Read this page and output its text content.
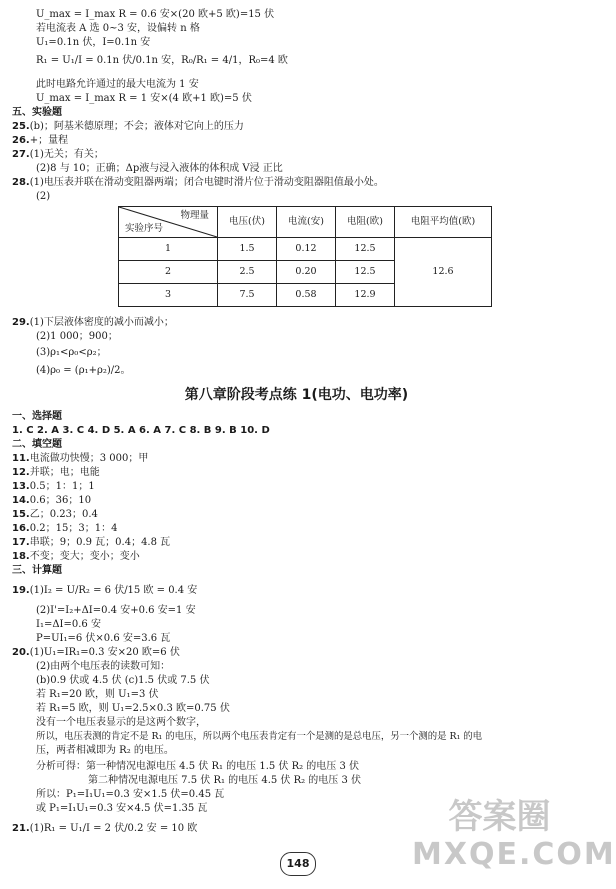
U_max = I_max R = 0.6 安×(20 欧+5 欧)=15 伏
若电流表 A 选 0~3 安，设偏转 n 格
U₁=0.1n 伏，I=0.1n 安
R₁ = U₁/I = 0.1n 伏/0.1n 安，R₀/R₁ = 4/1，R₀=4 欧
此时电路允许通过的最大电流为 1 安
U_max = I_max R = 1 安×(4 欧+1 欧)=5 伏
五、实验题
25.(b)；阿基米德原理；不会；液体对它向上的压力
26.+；量程
27.(1)无关；有关；
(2)8 与 10；正确；Δp液与浸入液体的体积成 V浸 正比
28.(1)电压表并联在滑动变阻器两端；闭合电键时滑片位于滑动变阻器阻值最小处。
(2)
物理量
实验序号	电压(伏)	电流(安)	电阻(欧)	电阻平均值(欧)
1	1.5	0.12	12.5	12.6
2	2.5	0.20	12.5	
3	7.5	0.58	12.9	
29.(1)下层液体密度的减小而减小；
(2)1 000；900；
(3)ρ₁<ρ₀<ρ₂；
(4)ρ₀ = (ρ₁+ρ₂)/2。
第八章阶段考点练 1(电功、电功率)
一、选择题
1. C 2. A 3. C 4. D 5. A 6. A 7. C 8. B 9. B 10. D
二、填空题
11.电流做功快慢；3 000；甲
12.并联；电；电能
13.0.5；1：1；1
14.0.6；36；10
15.乙；0.23；0.4
16.0.2；15；3；1：4
17.串联；9；0.9 瓦；0.4；4.8 瓦
18.不变；变大；变小；变小
三、计算题
19.(1)I₂ = U/R₂ = 6 伏/15 欧 = 0.4 安
(2)I'=I₂+ΔI=0.4 安+0.6 安=1 安
I₁=ΔI=0.6 安
P=UI₁=6 伏×0.6 安=3.6 瓦
20.(1)U₁=IR₁=0.3 安×20 欧=6 伏
(2)由两个电压表的读数可知：
(b)0.9 伏或 4.5 伏 (c)1.5 伏或 7.5 伏
若 R₁=20 欧，则 U₁=3 伏
若 R₁=5 欧，则 U₁=2.5×0.3 欧=0.75 伏
没有一个电压表显示的是这两个数字，
所以，电压表测的肯定不是 R₁ 的电压，所以两个电压表肯定有一个是测的是总电压，另一个测的是 R₁ 的电
压，两者相减即为 R₂ 的电压。
分析可得：第一种情况电源电压 4.5 伏 R₁ 的电压 1.5 伏 R₂ 的电压 3 伏
第二种情况电源电压 7.5 伏 R₁ 的电压 4.5 伏 R₂ 的电压 3 伏
所以：P₁=I₁U₁=0.3 安×1.5 伏=0.45 瓦
或 P₁=I₁U₁=0.3 安×4.5 伏=1.35 瓦
21.(1)R₁ = U₁/I = 2 伏/0.2 安 = 10 欧
148
答案圈
MXQE.COM
